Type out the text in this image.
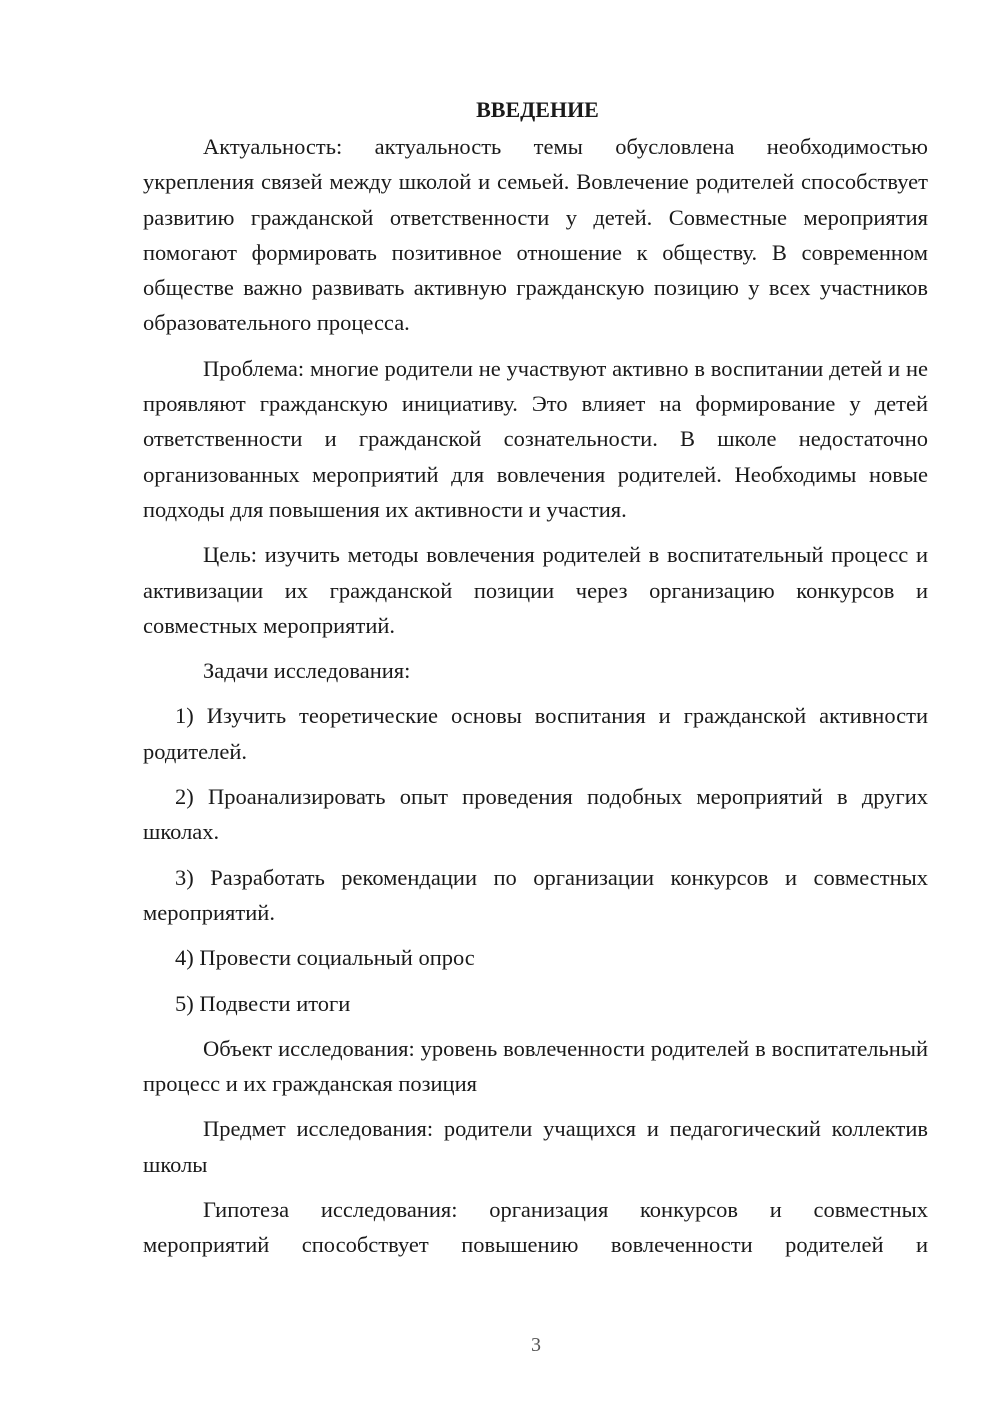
ВВЕДЕНИЕ

Актуальность: актуальность темы обусловлена необходимостью укрепления связей между школой и семьей. Вовлечение родителей способствует развитию гражданской ответственности у детей. Совместные мероприятия помогают формировать позитивное отношение к обществу. В современном обществе важно развивать активную гражданскую позицию у всех участников образовательного процесса.

Проблема: многие родители не участвуют активно в воспитании детей и не проявляют гражданскую инициативу. Это влияет на формирование у детей ответственности и гражданской сознательности. В школе недостаточно организованных мероприятий для вовлечения родителей. Необходимы новые подходы для повышения их активности и участия.

Цель: изучить методы вовлечения родителей в воспитательный процесс и активизации их гражданской позиции через организацию конкурсов и совместных мероприятий.

Задачи исследования:

1) Изучить теоретические основы воспитания и гражданской активности родителей.

2) Проанализировать опыт проведения подобных мероприятий в других школах.

3) Разработать рекомендации по организации конкурсов и совместных мероприятий.

4) Провести социальный опрос

5) Подвести итоги

Объект исследования: уровень вовлеченности родителей в воспитательный процесс и их гражданская позиция

Предмет исследования: родители учащихся и педагогический коллектив школы

Гипотеза исследования: организация конкурсов и совместных мероприятий способствует повышению вовлеченности родителей и

3
